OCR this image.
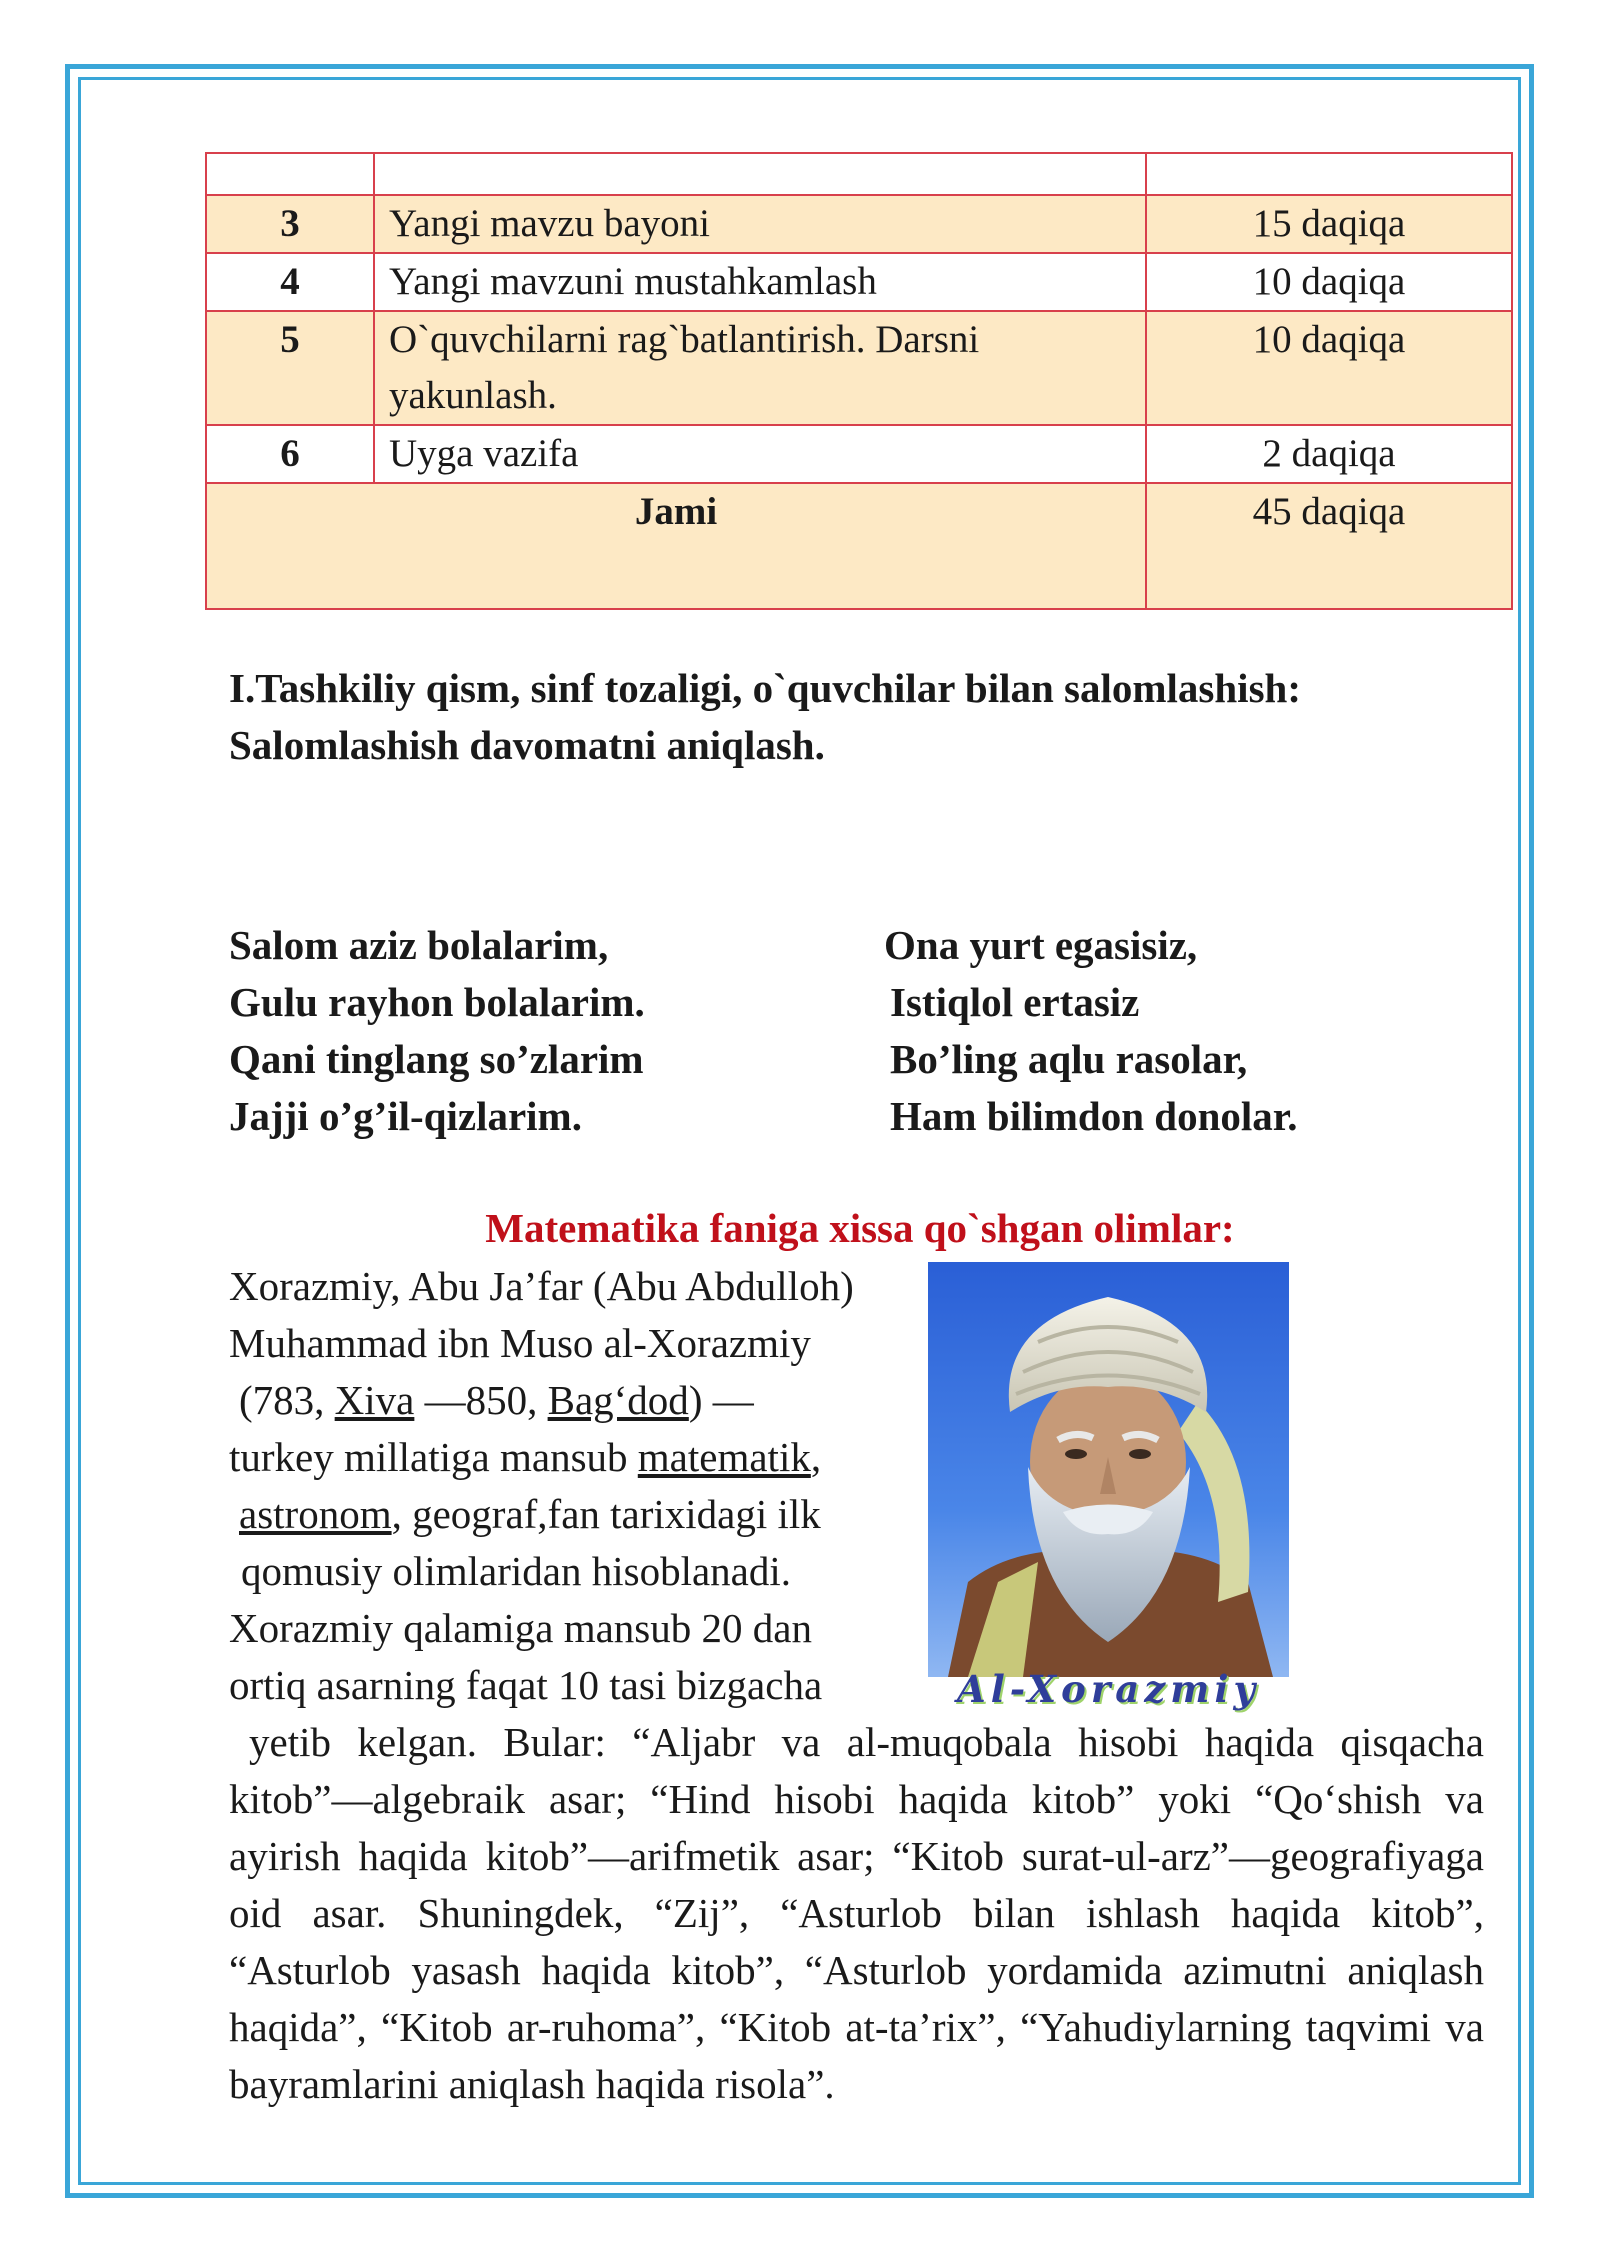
3	Yangi mavzu bayoni	15 daqiqa
4	Yangi mavzuni mustahkamlash	10 daqiqa
5	O`quvchilarni rag`batlantirish. Darsni yakunlash.	10 daqiqa
6	Uyga vazifa	2 daqiqa
Jami		45 daqiqa
I.Tashkiliy qism, sinf tozaligi, o`quvchilar bilan salomlashish:
Salomlashish davomatni aniqlash.
Salom aziz bolalarim,
Gulu rayhon bolalarim.
Qani tinglang so’zlarim
Jajji o’g’il-qizlarim.
Ona yurt egasisiz,
Istiqlol ertasiz
Bo’ling aqlu rasolar,
Ham bilimdon donolar.
Matematika faniga xissa qo`shgan olimlar:
Xorazmiy, Abu Ja’far (Abu Abdulloh)
Muhammad ibn Muso al-Xorazmiy
(783, Xiva —850, Bag‘dod) —
turkey millatiga mansub matematik,
astronom, geograf,fan tarixidagi ilk
qomusiy olimlaridan hisoblanadi.
Xorazmiy qalamiga mansub 20 dan
ortiq asarning faqat 10 tasi bizgacha	Al-Xorazmiy
yetib kelgan. Bular: “Aljabr va al-muqobala hisobi haqida qisqacha kitob”—algebraik asar; “Hind hisobi haqida kitob” yoki “Qo‘shish va ayirish haqida kitob”—arifmetik asar; “Kitob surat-ul-arz”—geografiyaga oid asar. Shuningdek, “Zij”, “Asturlob bilan ishlash haqida kitob”, “Asturlob yasash haqida kitob”, “Asturlob yordamida azimutni aniqlash haqida”, “Kitob ar-ruhoma”, “Kitob at-ta’rix”, “Yahudiylarning taqvimi va bayramlarini aniqlash haqida risola”.
